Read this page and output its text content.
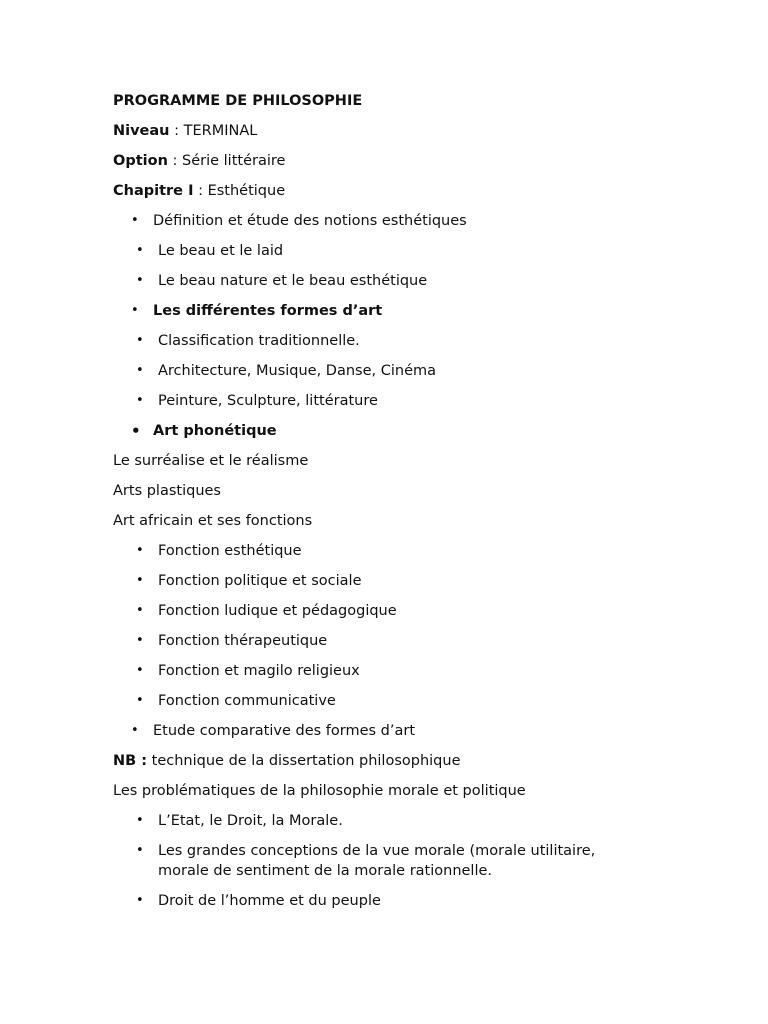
PROGRAMME DE PHILOSOPHIE
Niveau : TERMINAL
Option : Série littéraire
Chapitre I : Esthétique
• Définition et étude des notions esthétiques
• Le beau et le laid
• Le beau nature et le beau esthétique
• Les différentes formes d’art
• Classification traditionnelle.
• Architecture, Musique, Danse, Cinéma
• Peinture, Sculpture, littérature
• Art phonétique
Le surréalise et le réalisme
Arts plastiques
Art africain et ses fonctions
• Fonction esthétique
• Fonction politique et sociale
• Fonction ludique et pédagogique
• Fonction thérapeutique
• Fonction et magilo religieux
• Fonction communicative
• Etude comparative des formes d’art
NB : technique de la dissertation philosophique
Les problématiques de la philosophie morale et politique
• L’Etat, le Droit, la Morale.
• Les grandes conceptions de la vue morale (morale utilitaire, morale de sentiment de la morale rationnelle.
• Droit de l’homme et du peuple
